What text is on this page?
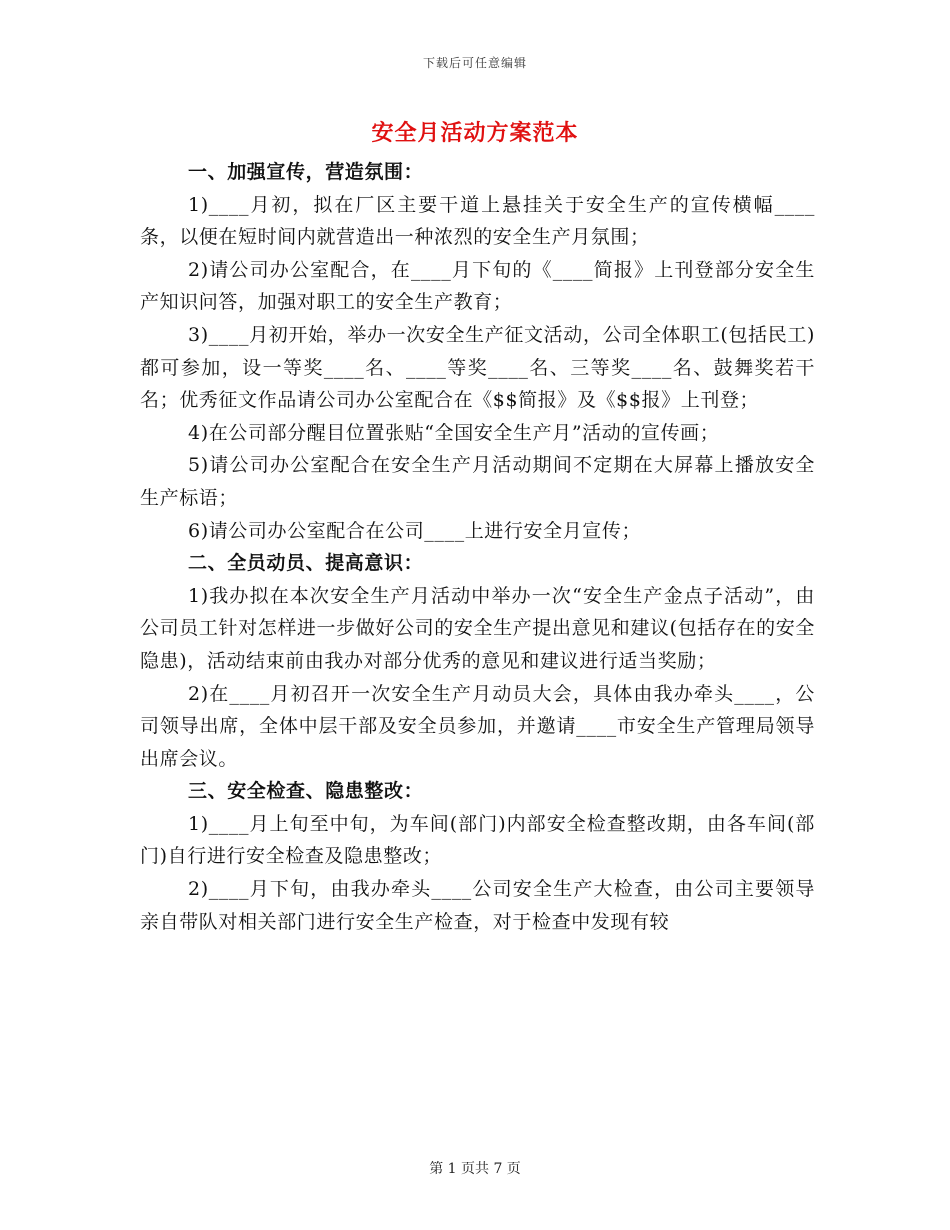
下载后可任意编辑
安全月活动方案范本

一、加强宣传，营造氛围：

1)____月初，拟在厂区主要干道上悬挂关于安全生产的宣传横幅____条，以便在短时间内就营造出一种浓烈的安全生产月氛围；

2)请公司办公室配合，在____月下旬的《____简报》上刊登部分安全生产知识问答，加强对职工的安全生产教育；

3)____月初开始，举办一次安全生产征文活动，公司全体职工(包括民工)都可参加，设一等奖____名、____等奖____名、三等奖____名、鼓舞奖若干名；优秀征文作品请公司办公室配合在《$$简报》及《$$报》上刊登；

4)在公司部分醒目位置张贴“全国安全生产月”活动的宣传画；

5)请公司办公室配合在安全生产月活动期间不定期在大屏幕上播放安全生产标语；

6)请公司办公室配合在公司____上进行安全月宣传；

二、全员动员、提高意识：

1)我办拟在本次安全生产月活动中举办一次“安全生产金点子活动”，由公司员工针对怎样进一步做好公司的安全生产提出意见和建议(包括存在的安全隐患)，活动结束前由我办对部分优秀的意见和建议进行适当奖励；

2)在____月初召开一次安全生产月动员大会，具体由我办牵头____，公司领导出席，全体中层干部及安全员参加，并邀请____市安全生产管理局领导出席会议。

三、安全检查、隐患整改：

1)____月上旬至中旬，为车间(部门)内部安全检查整改期，由各车间(部门)自行进行安全检查及隐患整改；

2)____月下旬，由我办牵头____公司安全生产大检查，由公司主要领导亲自带队对相关部门进行安全生产检查，对于检查中发现有较

第 1 页共 7 页
